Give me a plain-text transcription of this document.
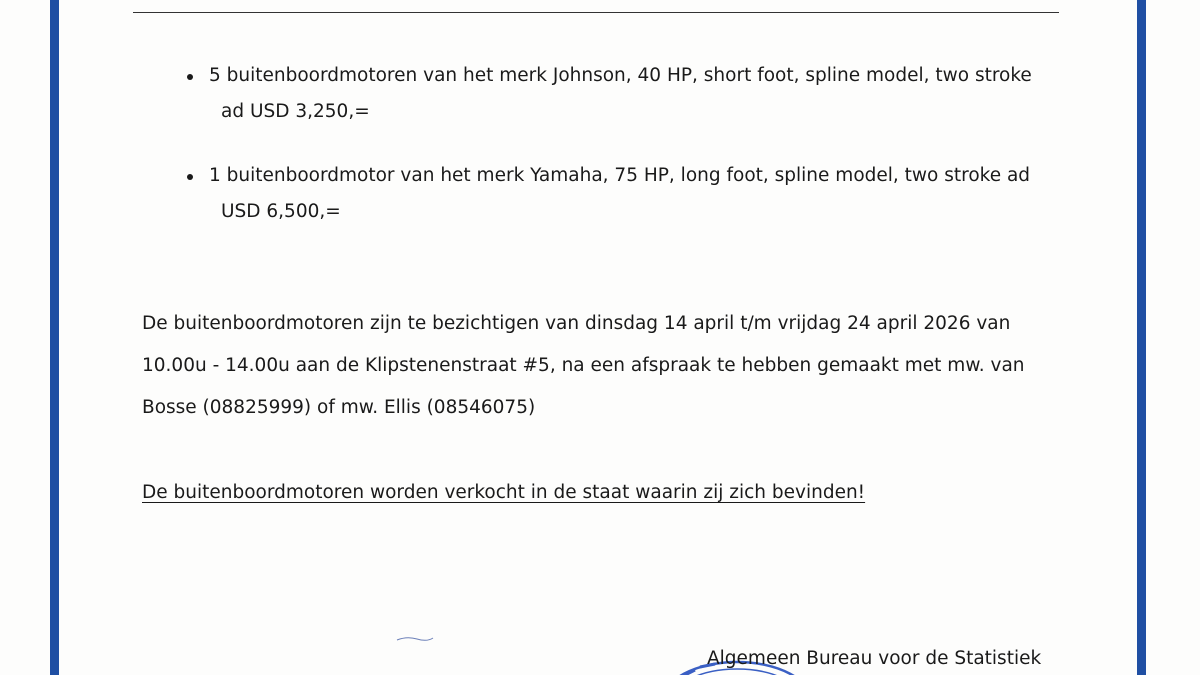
5 buitenboordmotoren van het merk Johnson, 40 HP, short foot, spline model, two stroke
ad USD 3,250,=
1 buitenboordmotor van het merk Yamaha, 75 HP, long foot, spline model, two stroke ad
USD 6,500,=

De buitenboordmotoren zijn te bezichtigen van dinsdag 14 april t/m vrijdag 24 april 2026 van
10.00u - 14.00u aan de Klipstenenstraat #5, na een afspraak te hebben gemaakt met mw. van
Bosse (08825999) of mw. Ellis (08546075)

De buitenboordmotoren worden verkocht in de staat waarin zij zich bevinden!
Algemeen Bureau voor de Statistiek
